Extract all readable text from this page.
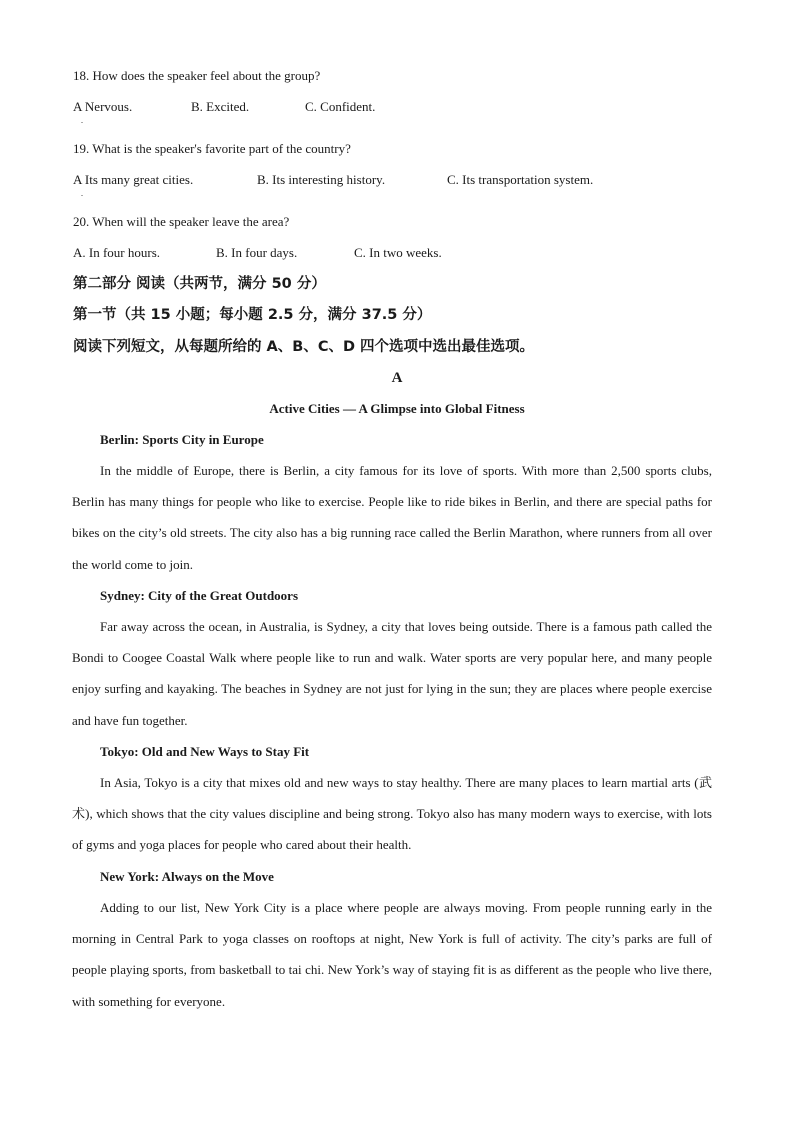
18. How does the speaker feel about the group?
A Nervous.	B. Excited.	C. Confident.
.
19. What is the speaker's favorite part of the country?
A Its many great cities.	B. Its interesting history.	C. Its transportation system.
.
20. When will the speaker leave the area?
A. In four hours.	B. In four days.	C. In two weeks.
第二部分 阅读（共两节，满分 50 分）
第一节（共 15 小题；每小题 2.5 分，满分 37.5 分）
阅读下列短文，从每题所给的 A、B、C、D 四个选项中选出最佳选项。
A
Active Cities — A Glimpse into Global Fitness
Berlin: Sports City in Europe

In the middle of Europe, there is Berlin, a city famous for its love of sports. With more than 2,500 sports clubs, Berlin has many things for people who like to exercise. People like to ride bikes in Berlin, and there are special paths for bikes on the city’s old streets. The city also has a big running race called the Berlin Marathon, where runners from all over the world come to join.

Sydney: City of the Great Outdoors

Far away across the ocean, in Australia, is Sydney, a city that loves being outside. There is a famous path called the Bondi to Coogee Coastal Walk where people like to run and walk. Water sports are very popular here, and many people enjoy surfing and kayaking. The beaches in Sydney are not just for lying in the sun; they are places where people exercise and have fun together.

Tokyo: Old and New Ways to Stay Fit

In Asia, Tokyo is a city that mixes old and new ways to stay healthy. There are many places to learn martial arts (武术), which shows that the city values discipline and being strong. Tokyo also has many modern ways to exercise, with lots of gyms and yoga places for people who cared about their health.

New York: Always on the Move

Adding to our list, New York City is a place where people are always moving. From people running early in the morning in Central Park to yoga classes on rooftops at night, New York is full of activity. The city’s parks are full of people playing sports, from basketball to tai chi. New York’s way of staying fit is as different as the people who live there, with something for everyone.
